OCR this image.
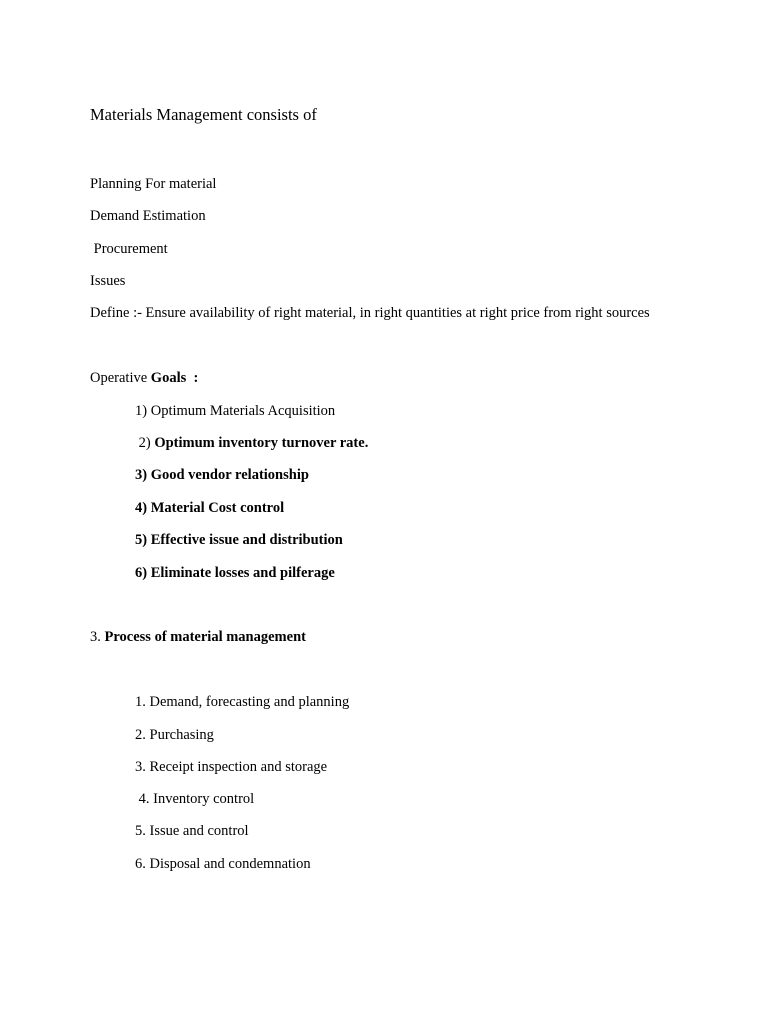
Materials Management consists of
Planning For material
Demand Estimation
Procurement
Issues
Define :- Ensure availability of right material, in right quantities at right price from right sources
Operative Goals  :
1) Optimum Materials Acquisition
2) Optimum inventory turnover rate.
3) Good vendor relationship
4) Material Cost control
5) Effective issue and distribution
6) Eliminate losses and pilferage
3. Process of material management
1. Demand, forecasting and planning
2. Purchasing
3. Receipt inspection and storage
4. Inventory control
5. Issue and control
6. Disposal and condemnation
